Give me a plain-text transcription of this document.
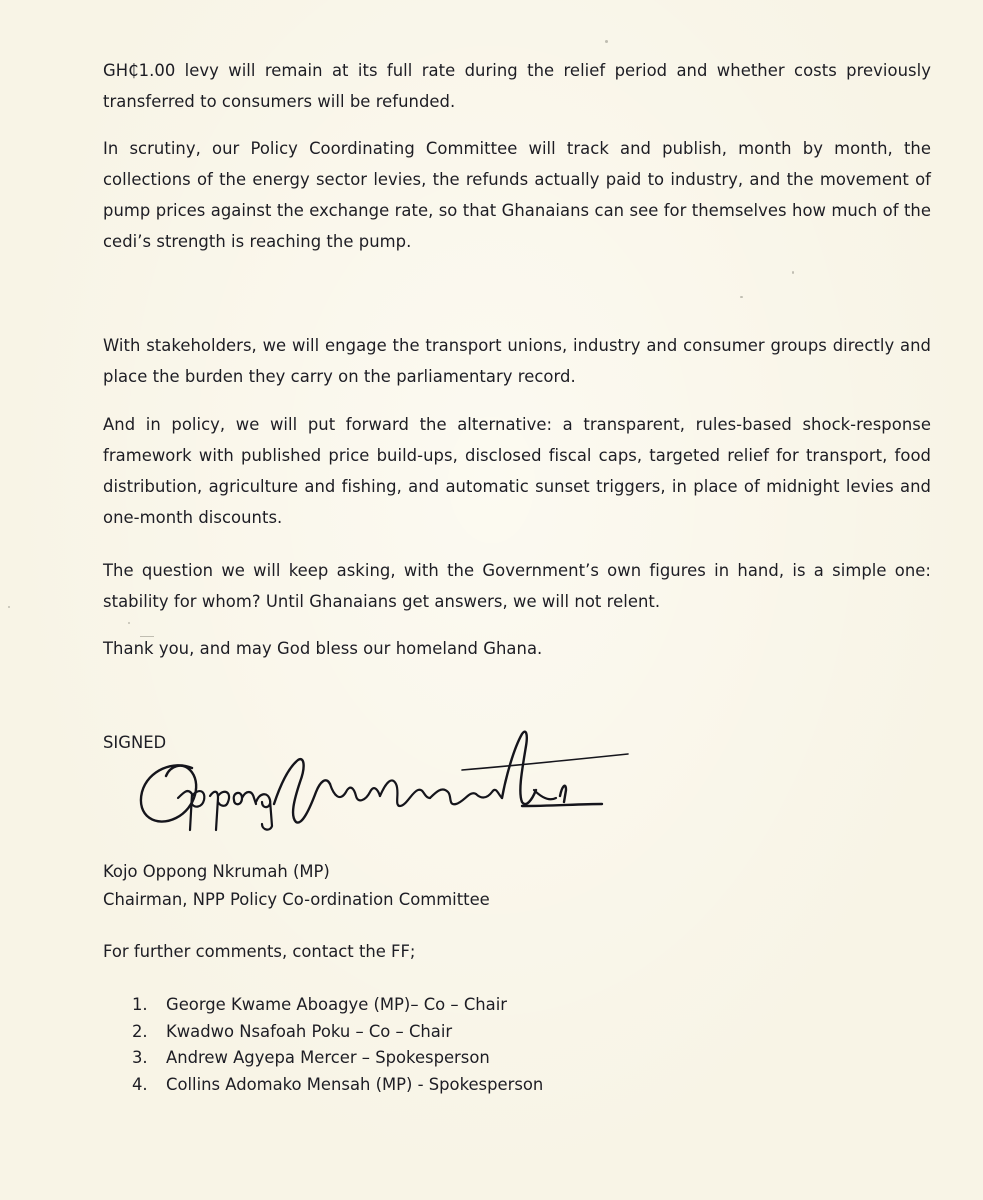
GH₵1.00 levy will remain at its full rate during the relief period and whether costs previously transferred to consumers will be refunded.

In scrutiny, our Policy Coordinating Committee will track and publish, month by month, the collections of the energy sector levies, the refunds actually paid to industry, and the movement of pump prices against the exchange rate, so that Ghanaians can see for themselves how much of the cedi’s strength is reaching the pump.

With stakeholders, we will engage the transport unions, industry and consumer groups directly and place the burden they carry on the parliamentary record.

And in policy, we will put forward the alternative: a transparent, rules-based shock-response framework with published price build-ups, disclosed fiscal caps, targeted relief for transport, food distribution, agriculture and fishing, and automatic sunset triggers, in place of midnight levies and one-month discounts.

The question we will keep asking, with the Government’s own figures in hand, is a simple one: stability for whom? Until Ghanaians get answers, we will not relent.

Thank you, and may God bless our homeland Ghana.

SIGNED
Kojo Oppong Nkrumah (MP)
Chairman, NPP Policy Co-ordination Committee
For further comments, contact the FF;
1.	George Kwame Aboagye (MP)– Co – Chair
2.	Kwadwo Nsafoah Poku – Co – Chair
3.	Andrew Agyepa Mercer – Spokesperson
4.	Collins Adomako Mensah (MP) - Spokesperson
